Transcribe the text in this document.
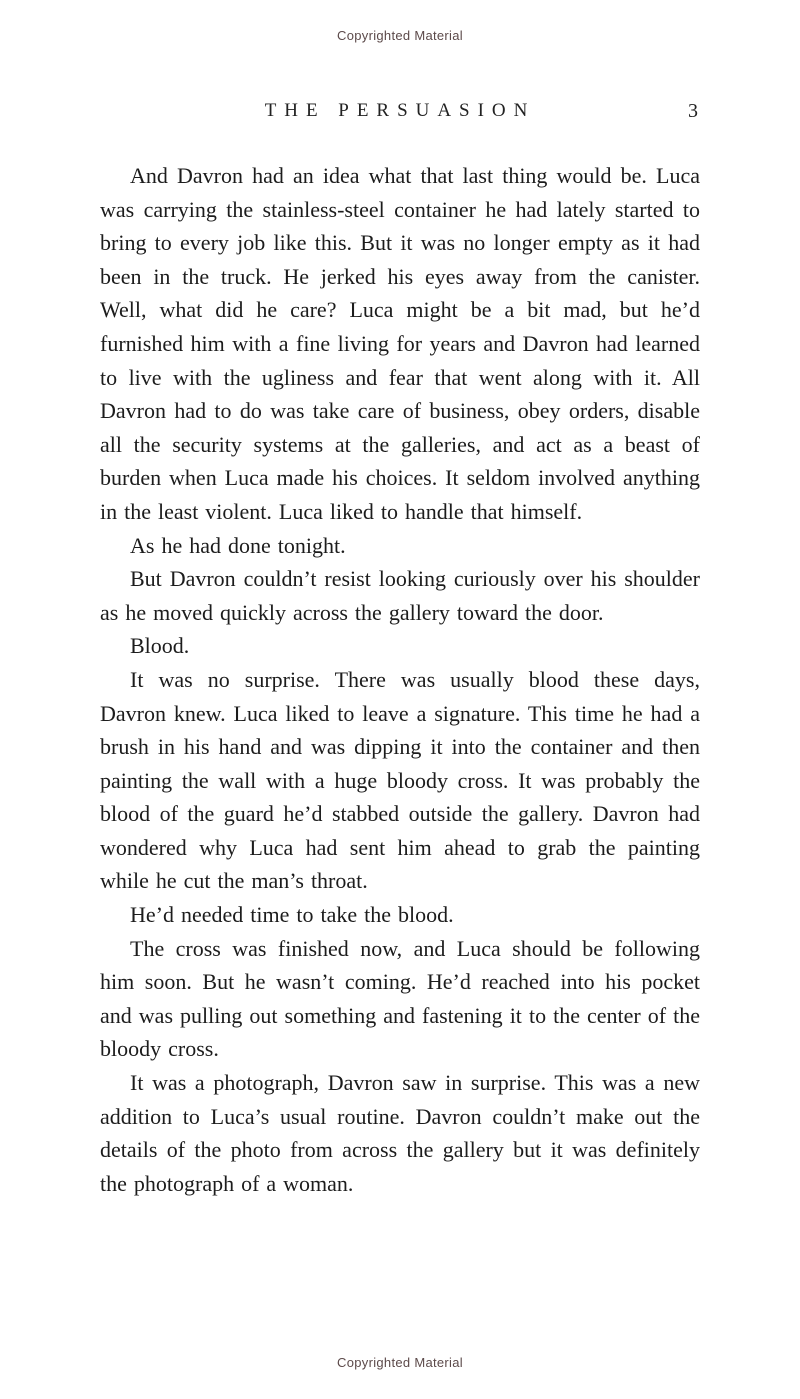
Copyrighted Material
THE PERSUASION	3

And Davron had an idea what that last thing would be. Luca was carrying the stainless-steel container he had lately started to bring to every job like this. But it was no longer empty as it had been in the truck. He jerked his eyes away from the canister. Well, what did he care? Luca might be a bit mad, but he’d furnished him with a fine living for years and Davron had learned to live with the ugliness and fear that went along with it. All Davron had to do was take care of business, obey orders, disable all the security systems at the galleries, and act as a beast of burden when Luca made his choices. It seldom involved anything in the least violent. Luca liked to handle that himself.

As he had done tonight.

But Davron couldn’t resist looking curiously over his shoulder as he moved quickly across the gallery toward the door.

Blood.

It was no surprise. There was usually blood these days, Davron knew. Luca liked to leave a signature. This time he had a brush in his hand and was dipping it into the container and then painting the wall with a huge bloody cross. It was probably the blood of the guard he’d stabbed outside the gallery. Davron had wondered why Luca had sent him ahead to grab the painting while he cut the man’s throat.

He’d needed time to take the blood.

The cross was finished now, and Luca should be following him soon. But he wasn’t coming. He’d reached into his pocket and was pulling out something and fastening it to the center of the bloody cross.

It was a photograph, Davron saw in surprise. This was a new addition to Luca’s usual routine. Davron couldn’t make out the details of the photo from across the gallery but it was definitely the photograph of a woman.

Copyrighted Material
